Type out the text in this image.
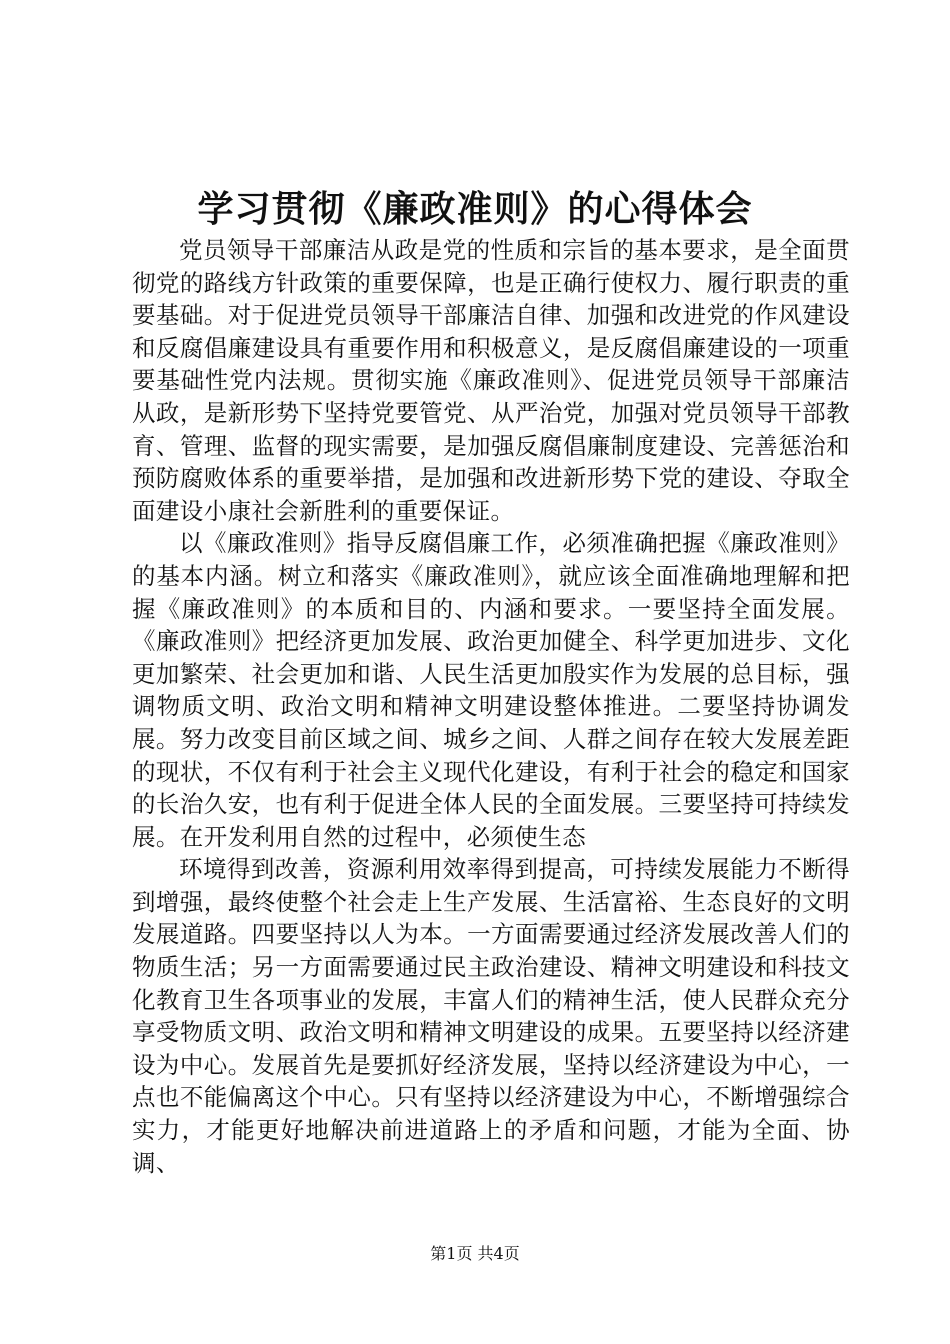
学习贯彻《廉政准则》的心得体会

党员领导干部廉洁从政是党的性质和宗旨的基本要求，是全面贯彻党的路线方针政策的重要保障，也是正确行使权力、履行职责的重要基础。对于促进党员领导干部廉洁自律、加强和改进党的作风建设和反腐倡廉建设具有重要作用和积极意义，是反腐倡廉建设的一项重要基础性党内法规。贯彻实施《廉政准则》、促进党员领导干部廉洁从政，是新形势下坚持党要管党、从严治党，加强对党员领导干部教育、管理、监督的现实需要，是加强反腐倡廉制度建设、完善惩治和预防腐败体系的重要举措，是加强和改进新形势下党的建设、夺取全面建设小康社会新胜利的重要保证。

以《廉政准则》指导反腐倡廉工作，必须准确把握《廉政准则》的基本内涵。树立和落实《廉政准则》，就应该全面准确地理解和把握《廉政准则》的本质和目的、内涵和要求。一要坚持全面发展。《廉政准则》把经济更加发展、政治更加健全、科学更加进步、文化更加繁荣、社会更加和谐、人民生活更加殷实作为发展的总目标，强调物质文明、政治文明和精神文明建设整体推进。二要坚持协调发展。努力改变目前区域之间、城乡之间、人群之间存在较大发展差距的现状，不仅有利于社会主义现代化建设，有利于社会的稳定和国家的长治久安，也有利于促进全体人民的全面发展。三要坚持可持续发展。在开发利用自然的过程中，必须使生态

环境得到改善，资源利用效率得到提高，可持续发展能力不断得到增强，最终使整个社会走上生产发展、生活富裕、生态良好的文明发展道路。四要坚持以人为本。一方面需要通过经济发展改善人们的物质生活；另一方面需要通过民主政治建设、精神文明建设和科技文化教育卫生各项事业的发展，丰富人们的精神生活，使人民群众充分享受物质文明、政治文明和精神文明建设的成果。五要坚持以经济建设为中心。发展首先是要抓好经济发展，坚持以经济建设为中心，一点也不能偏离这个中心。只有坚持以经济建设为中心，不断增强综合实力，才能更好地解决前进道路上的矛盾和问题，才能为全面、协调、

第1页 共4页
